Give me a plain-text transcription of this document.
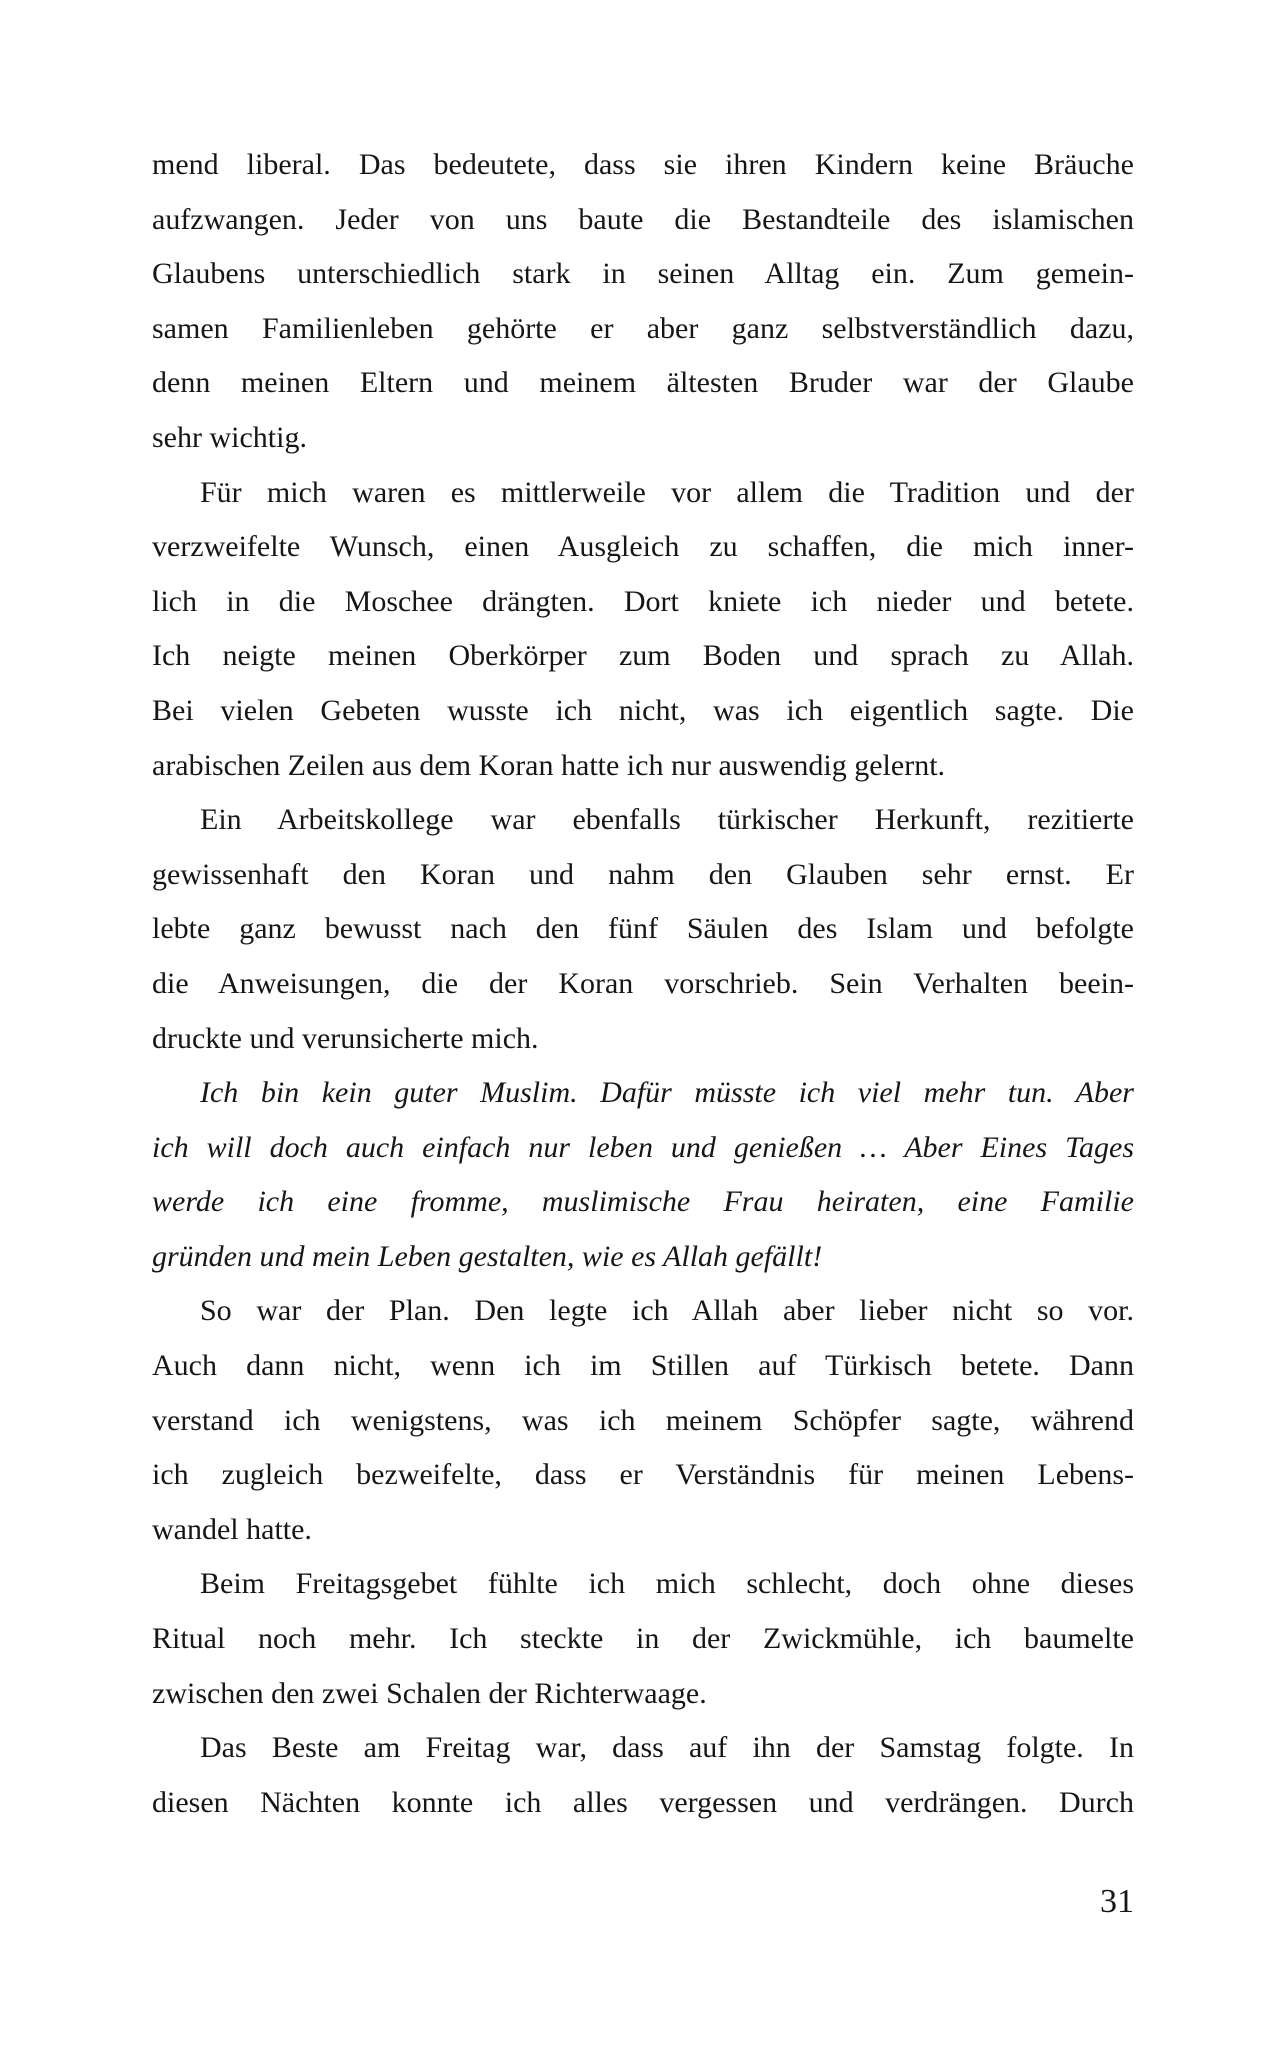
mend liberal. Das bedeutete, dass sie ihren Kindern keine Bräuche
aufzwangen. Jeder von uns baute die Bestandteile des islamischen
Glaubens unterschiedlich stark in seinen Alltag ein. Zum gemein-
samen Familienleben gehörte er aber ganz selbstverständlich dazu,
denn meinen Eltern und meinem ältesten Bruder war der Glaube
sehr wichtig.
Für mich waren es mittlerweile vor allem die Tradition und der
verzweifelte Wunsch, einen Ausgleich zu schaffen, die mich inner-
lich in die Moschee drängten. Dort kniete ich nieder und betete.
Ich neigte meinen Oberkörper zum Boden und sprach zu Allah.
Bei vielen Gebeten wusste ich nicht, was ich eigentlich sagte. Die
arabischen Zeilen aus dem Koran hatte ich nur auswendig gelernt.
Ein Arbeitskollege war ebenfalls türkischer Herkunft, rezitierte
gewissenhaft den Koran und nahm den Glauben sehr ernst. Er
lebte ganz bewusst nach den fünf Säulen des Islam und befolgte
die Anweisungen, die der Koran vorschrieb. Sein Verhalten beein-
druckte und verunsicherte mich.
Ich bin kein guter Muslim. Dafür müsste ich viel mehr tun. Aber
ich will doch auch einfach nur leben und genießen … Aber Eines Tages
werde ich eine fromme, muslimische Frau heiraten, eine Familie
gründen und mein Leben gestalten, wie es Allah gefällt!
So war der Plan. Den legte ich Allah aber lieber nicht so vor.
Auch dann nicht, wenn ich im Stillen auf Türkisch betete. Dann
verstand ich wenigstens, was ich meinem Schöpfer sagte, während
ich zugleich bezweifelte, dass er Verständnis für meinen Lebens-
wandel hatte.
Beim Freitagsgebet fühlte ich mich schlecht, doch ohne dieses
Ritual noch mehr. Ich steckte in der Zwickmühle, ich baumelte
zwischen den zwei Schalen der Richterwaage.
Das Beste am Freitag war, dass auf ihn der Samstag folgte. In
diesen Nächten konnte ich alles vergessen und verdrängen. Durch
31
